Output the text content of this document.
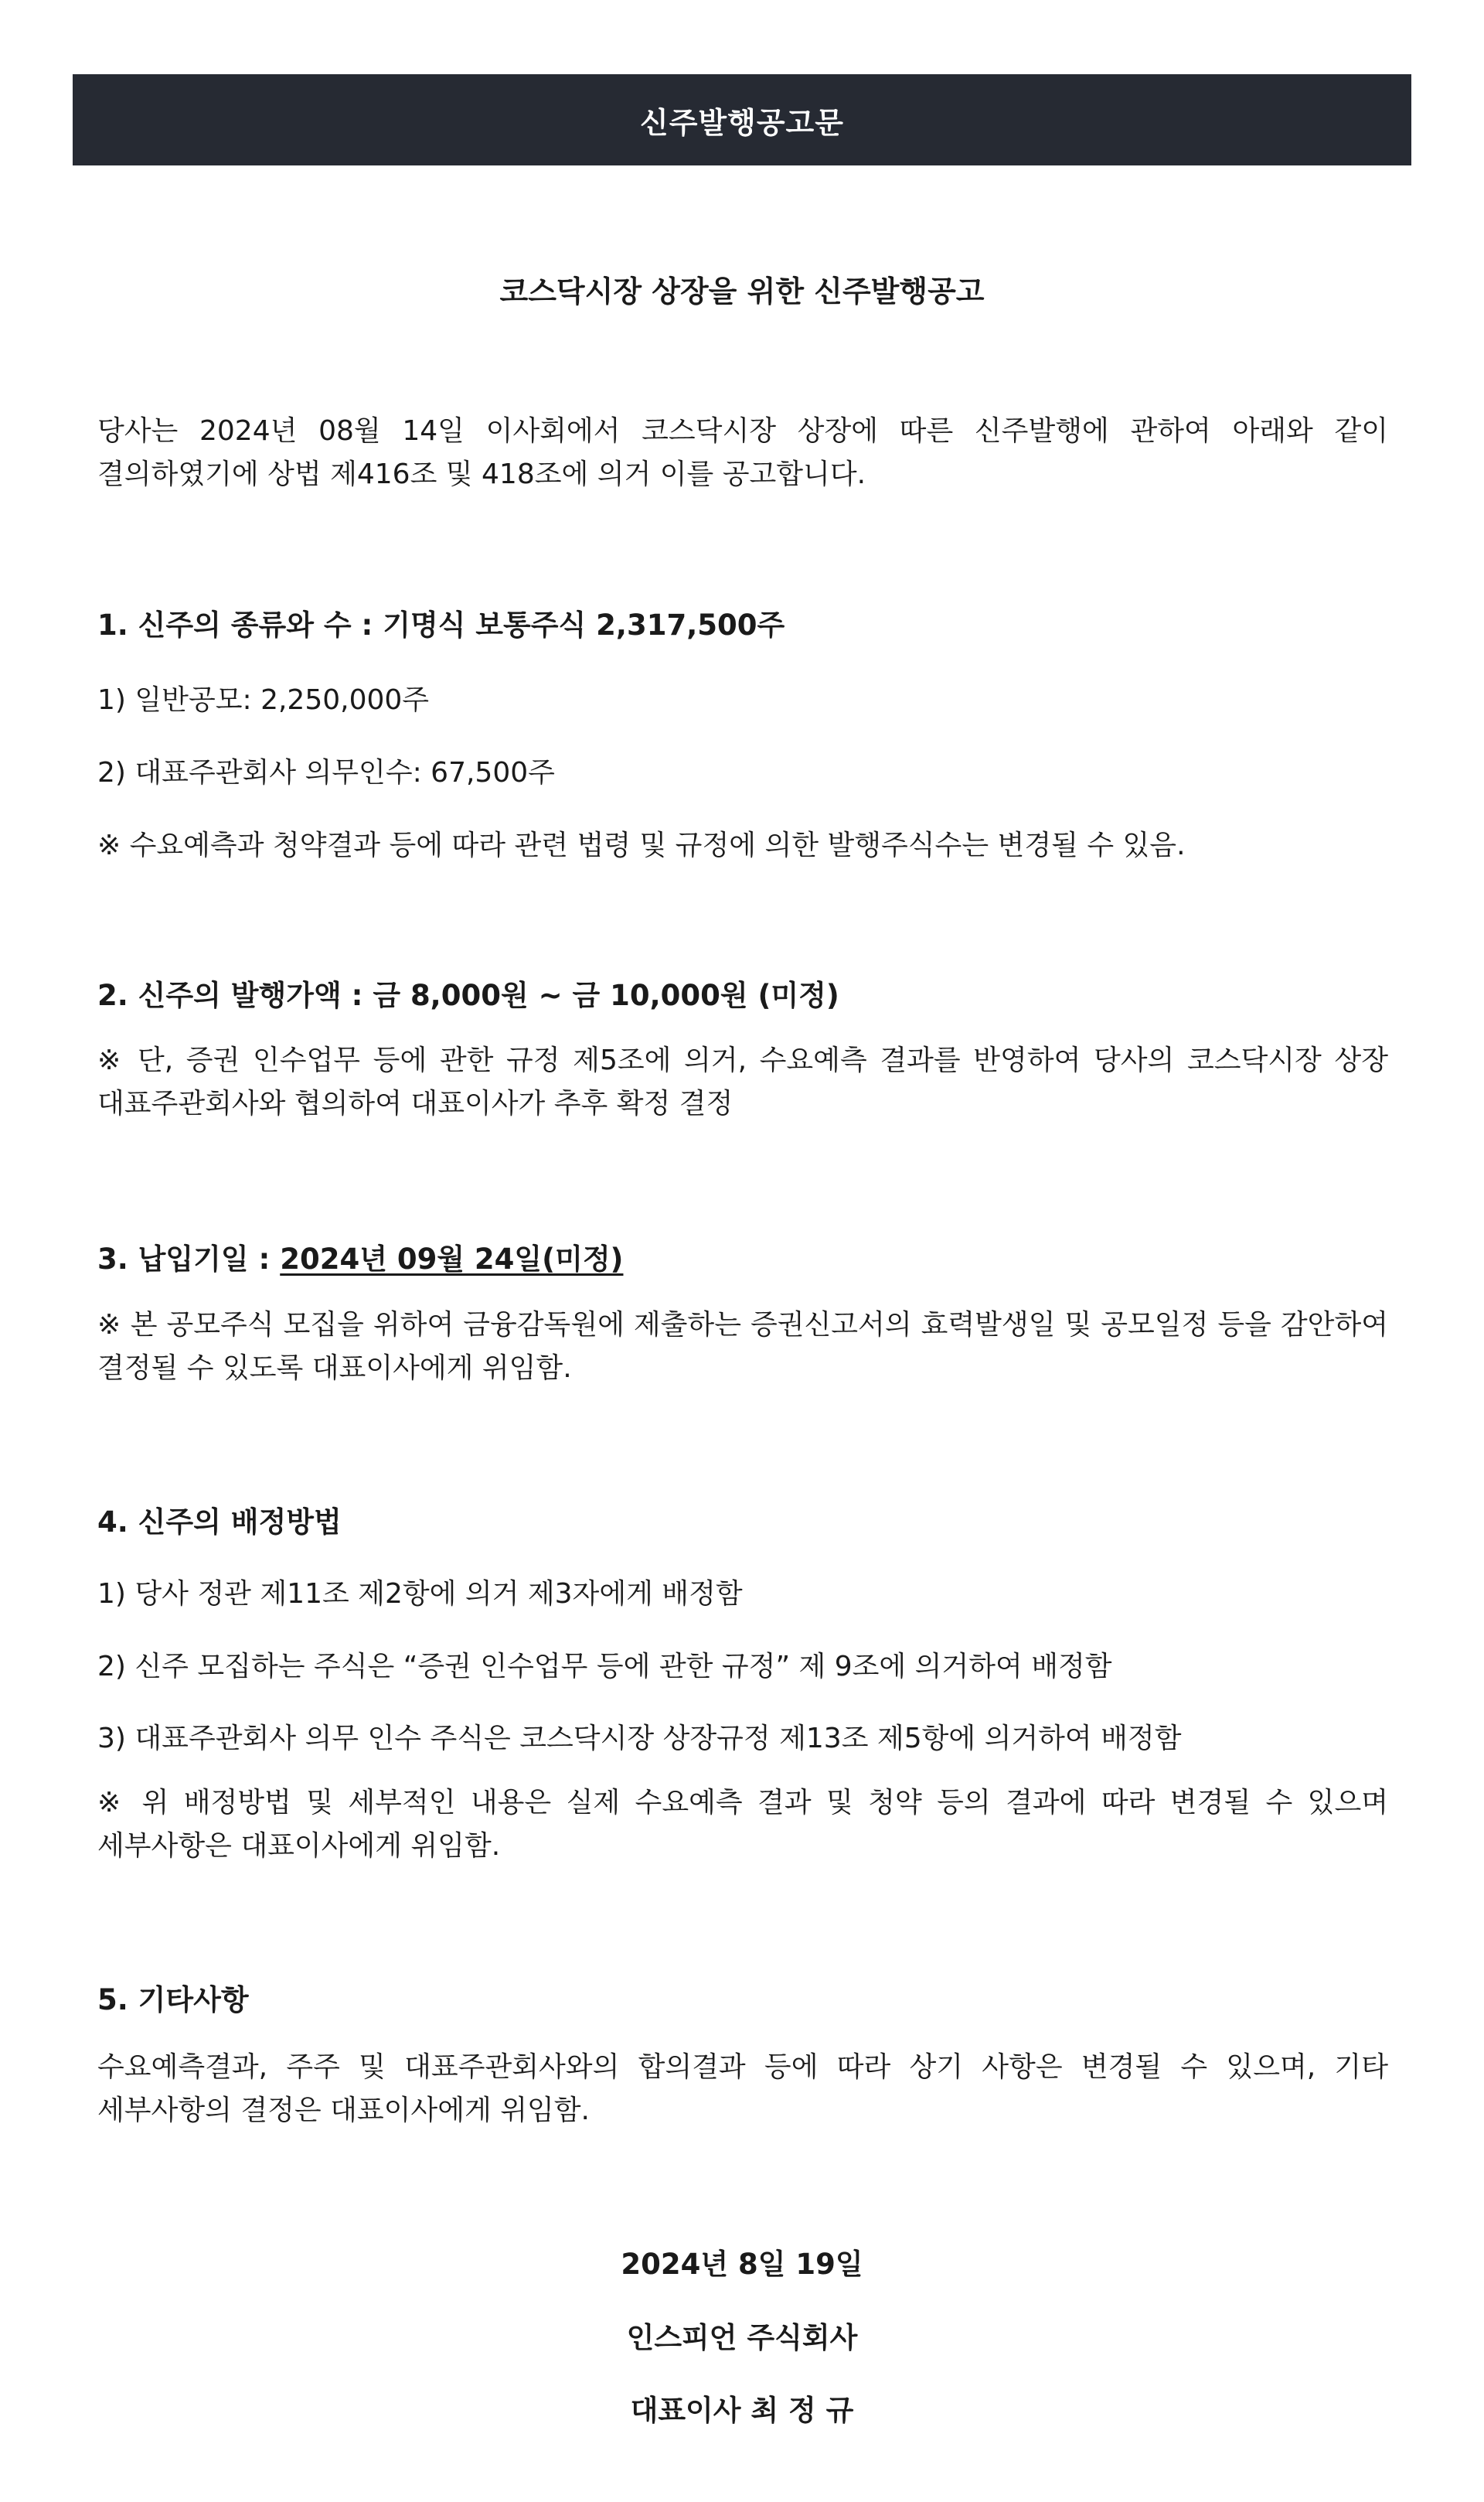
신주발행공고문
코스닥시장 상장을 위한 신주발행공고
당사는 2024년 08월 14일 이사회에서 코스닥시장 상장에 따른 신주발행에 관하여 아래와 같이 결의하였기에 상법 제416조 및 418조에 의거 이를 공고합니다.
1. 신주의 종류와 수 : 기명식 보통주식 2,317,500주
1) 일반공모: 2,250,000주
2) 대표주관회사 의무인수: 67,500주
※ 수요예측과 청약결과 등에 따라 관련 법령 및 규정에 의한 발행주식수는 변경될 수 있음.
2. 신주의 발행가액 : 금 8,000원 ~ 금 10,000원 (미정)
※ 단, 증권 인수업무 등에 관한 규정 제5조에 의거, 수요예측 결과를 반영하여 당사의 코스닥시장 상장 대표주관회사와 협의하여 대표이사가 추후 확정 결정
3. 납입기일 : 2024년 09월 24일(미정)
※ 본 공모주식 모집을 위하여 금융감독원에 제출하는 증권신고서의 효력발생일 및 공모일정 등을 감안하여 결정될 수 있도록 대표이사에게 위임함.
4. 신주의 배정방법
1) 당사 정관 제11조 제2항에 의거 제3자에게 배정함
2) 신주 모집하는 주식은 “증권 인수업무 등에 관한 규정” 제 9조에 의거하여 배정함
3) 대표주관회사 의무 인수 주식은 코스닥시장 상장규정 제13조 제5항에 의거하여 배정함
※ 위 배정방법 및 세부적인 내용은 실제 수요예측 결과 및 청약 등의 결과에 따라 변경될 수 있으며 세부사항은 대표이사에게 위임함.
5. 기타사항
수요예측결과, 주주 및 대표주관회사와의 합의결과 등에 따라 상기 사항은 변경될 수 있으며, 기타 세부사항의 결정은 대표이사에게 위임함.
2024년 8일 19일
인스피언 주식회사
대표이사 최 정 규
